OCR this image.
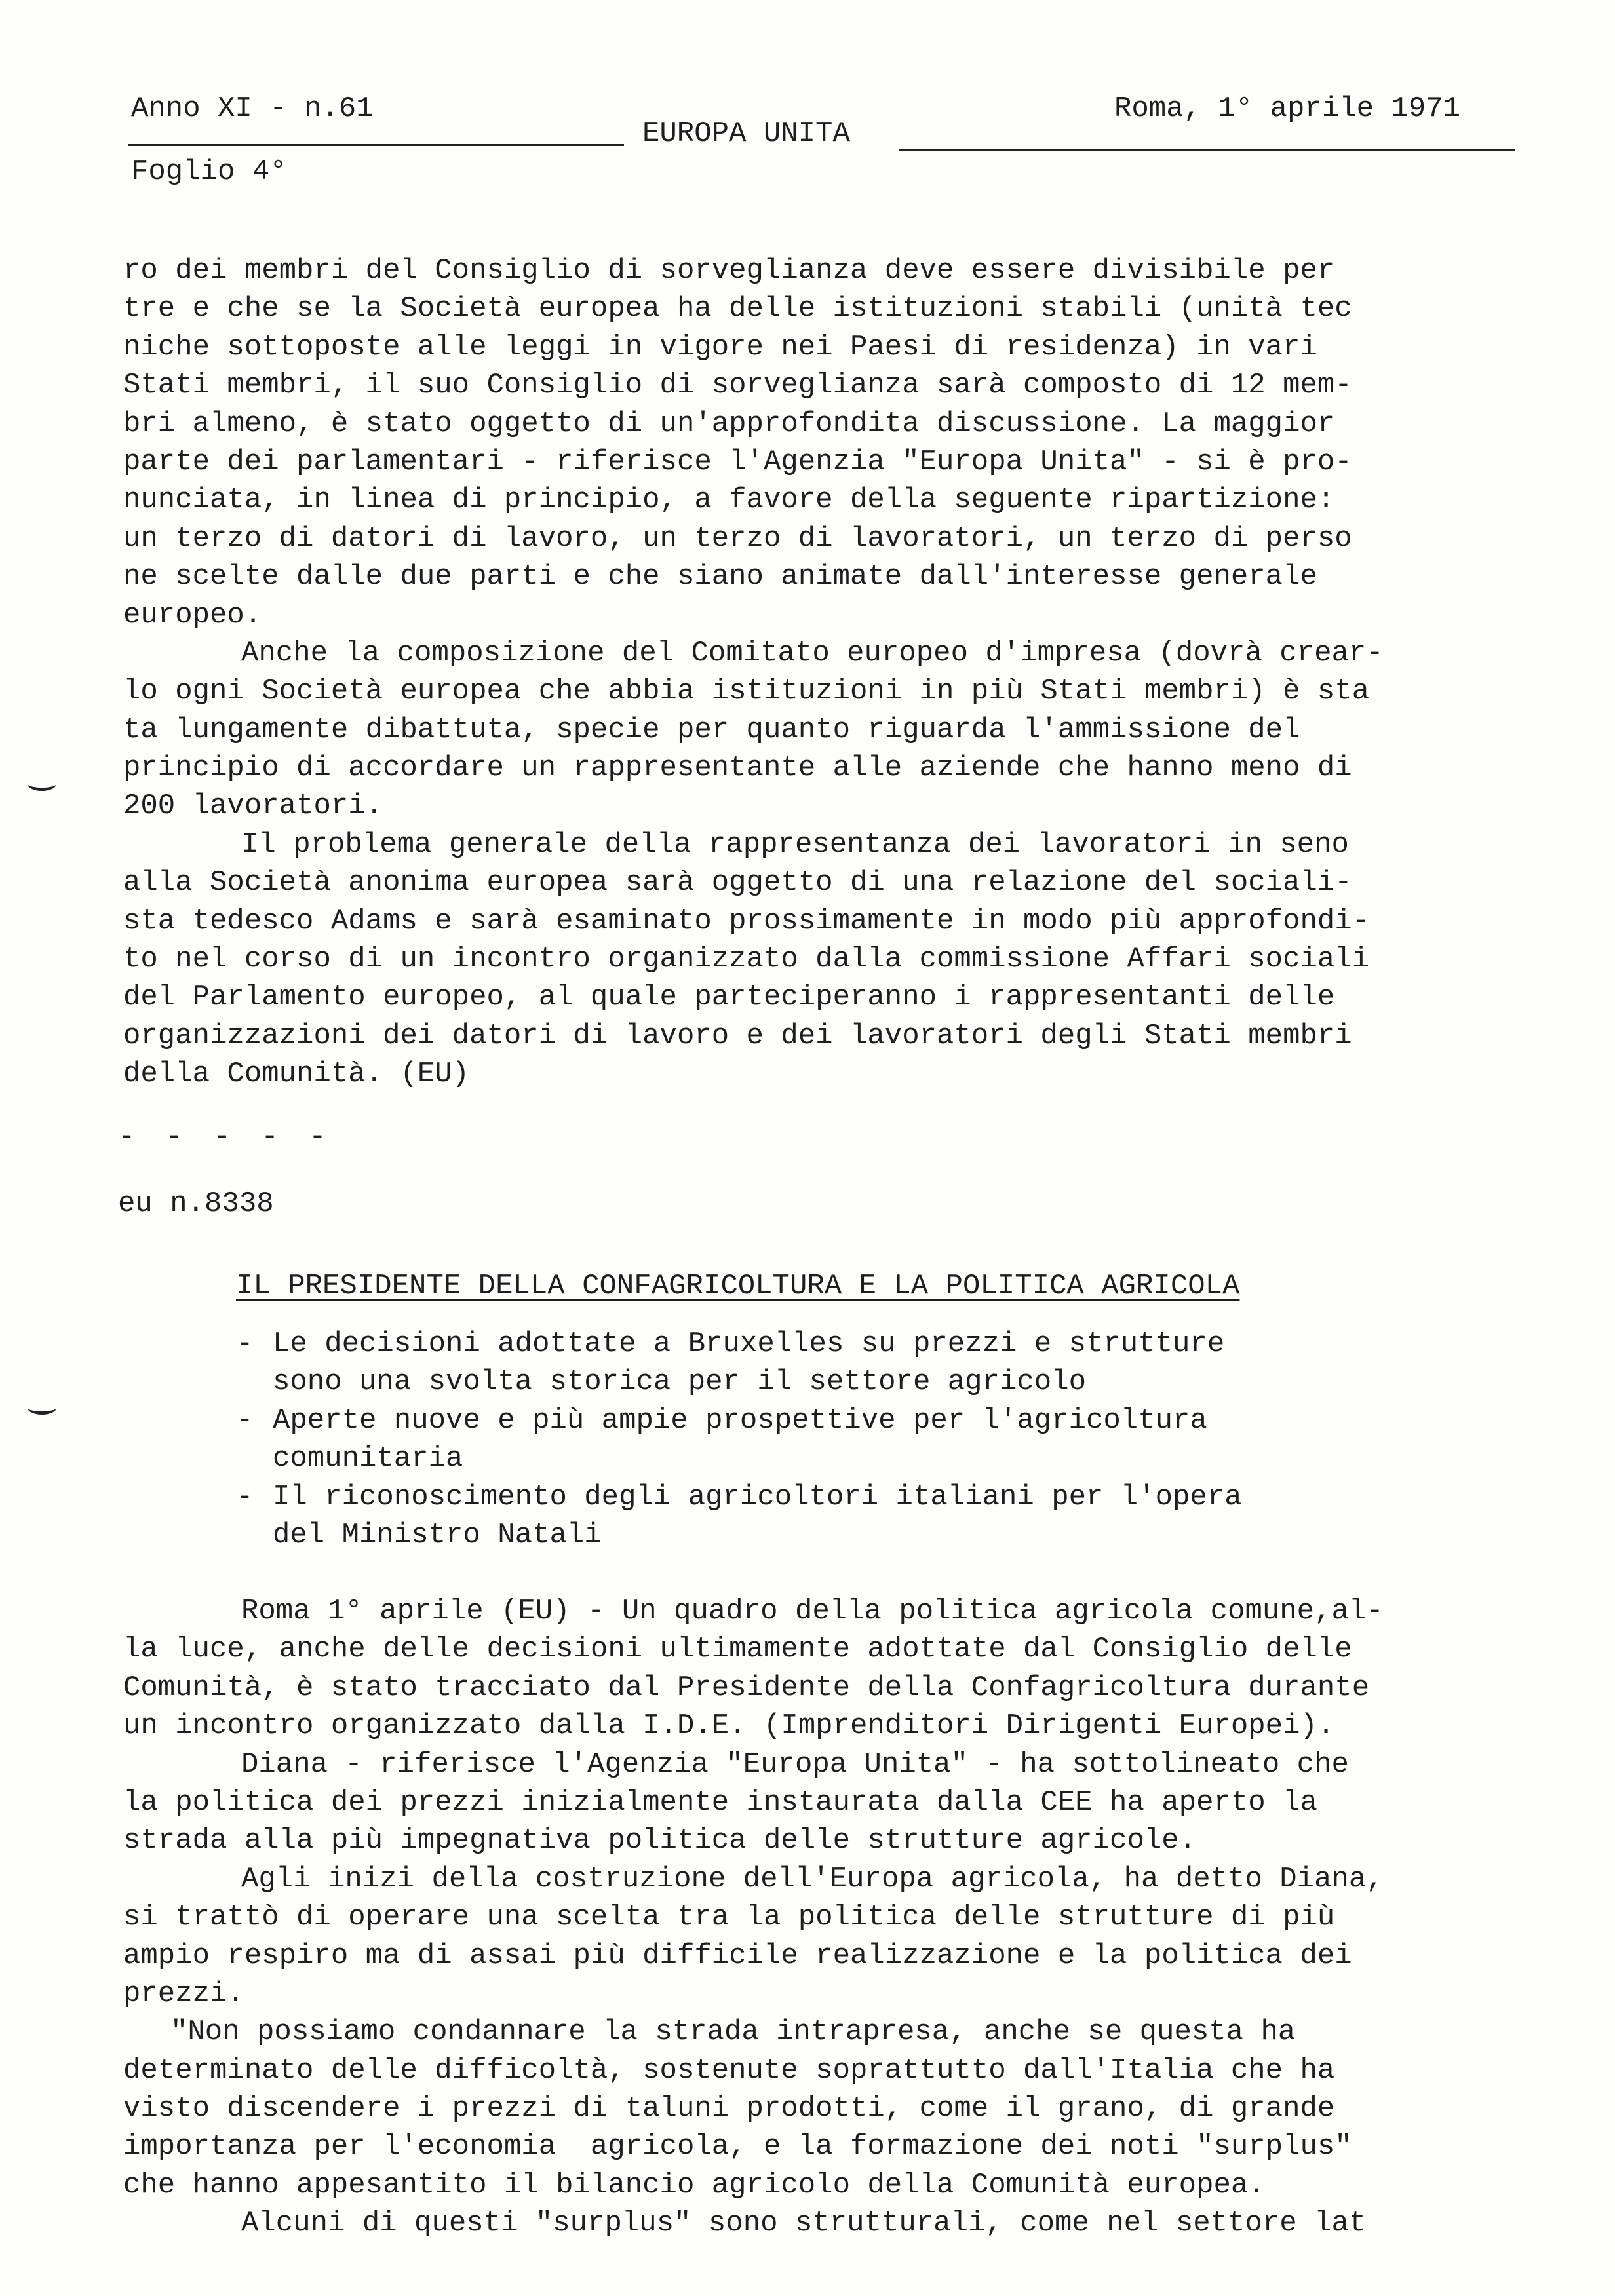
Anno XI - n.61
EUROPA UNITA
Roma, 1° aprile 1971
Foglio 4°
ro dei membri del Consiglio di sorveglianza deve essere divisibile per
tre e che se la Società europea ha delle istituzioni stabili (unità tec
niche sottoposte alle leggi in vigore nei Paesi di residenza) in vari
Stati membri, il suo Consiglio di sorveglianza sarà composto di 12 mem-
bri almeno, è stato oggetto di un'approfondita discussione. La maggior
parte dei parlamentari - riferisce l'Agenzia "Europa Unita" - si è pro-
nunciata, in linea di principio, a favore della seguente ripartizione:
un terzo di datori di lavoro, un terzo di lavoratori, un terzo di perso
ne scelte dalle due parti e che siano animate dall'interesse generale
europeo.
Anche la composizione del Comitato europeo d'impresa (dovrà crear-
lo ogni Società europea che abbia istituzioni in più Stati membri) è sta
ta lungamente dibattuta, specie per quanto riguarda l'ammissione del
principio di accordare un rappresentante alle aziende che hanno meno di
200 lavoratori.
Il problema generale della rappresentanza dei lavoratori in seno
alla Società anonima europea sarà oggetto di una relazione del sociali-
sta tedesco Adams e sarà esaminato prossimamente in modo più approfondi-
to nel corso di un incontro organizzato dalla commissione Affari sociali
del Parlamento europeo, al quale parteciperanno i rappresentanti delle
organizzazioni dei datori di lavoro e dei lavoratori degli Stati membri
della Comunità. (EU)
- - - - -
eu n.8338
IL PRESIDENTE DELLA CONFAGRICOLTURA E LA POLITICA AGRICOLA
- Le decisioni adottate a Bruxelles su prezzi e strutture
sono una svolta storica per il settore agricolo
- Aperte nuove e più ampie prospettive per l'agricoltura
comunitaria
- Il riconoscimento degli agricoltori italiani per l'opera
del Ministro Natali
Roma 1° aprile (EU) - Un quadro della politica agricola comune,al-
la luce, anche delle decisioni ultimamente adottate dal Consiglio delle
Comunità, è stato tracciato dal Presidente della Confagricoltura durante
un incontro organizzato dalla I.D.E. (Imprenditori Dirigenti Europei).
Diana - riferisce l'Agenzia "Europa Unita" - ha sottolineato che
la politica dei prezzi inizialmente instaurata dalla CEE ha aperto la
strada alla più impegnativa politica delle strutture agricole.
Agli inizi della costruzione dell'Europa agricola, ha detto Diana,
si trattò di operare una scelta tra la politica delle strutture di più
ampio respiro ma di assai più difficile realizzazione e la politica dei
prezzi.
"Non possiamo condannare la strada intrapresa, anche se questa ha
determinato delle difficoltà, sostenute soprattutto dall'Italia che ha
visto discendere i prezzi di taluni prodotti, come il grano, di grande
importanza per l'economia  agricola, e la formazione dei noti "surplus"
che hanno appesantito il bilancio agricolo della Comunità europea.
Alcuni di questi "surplus" sono strutturali, come nel settore lat
